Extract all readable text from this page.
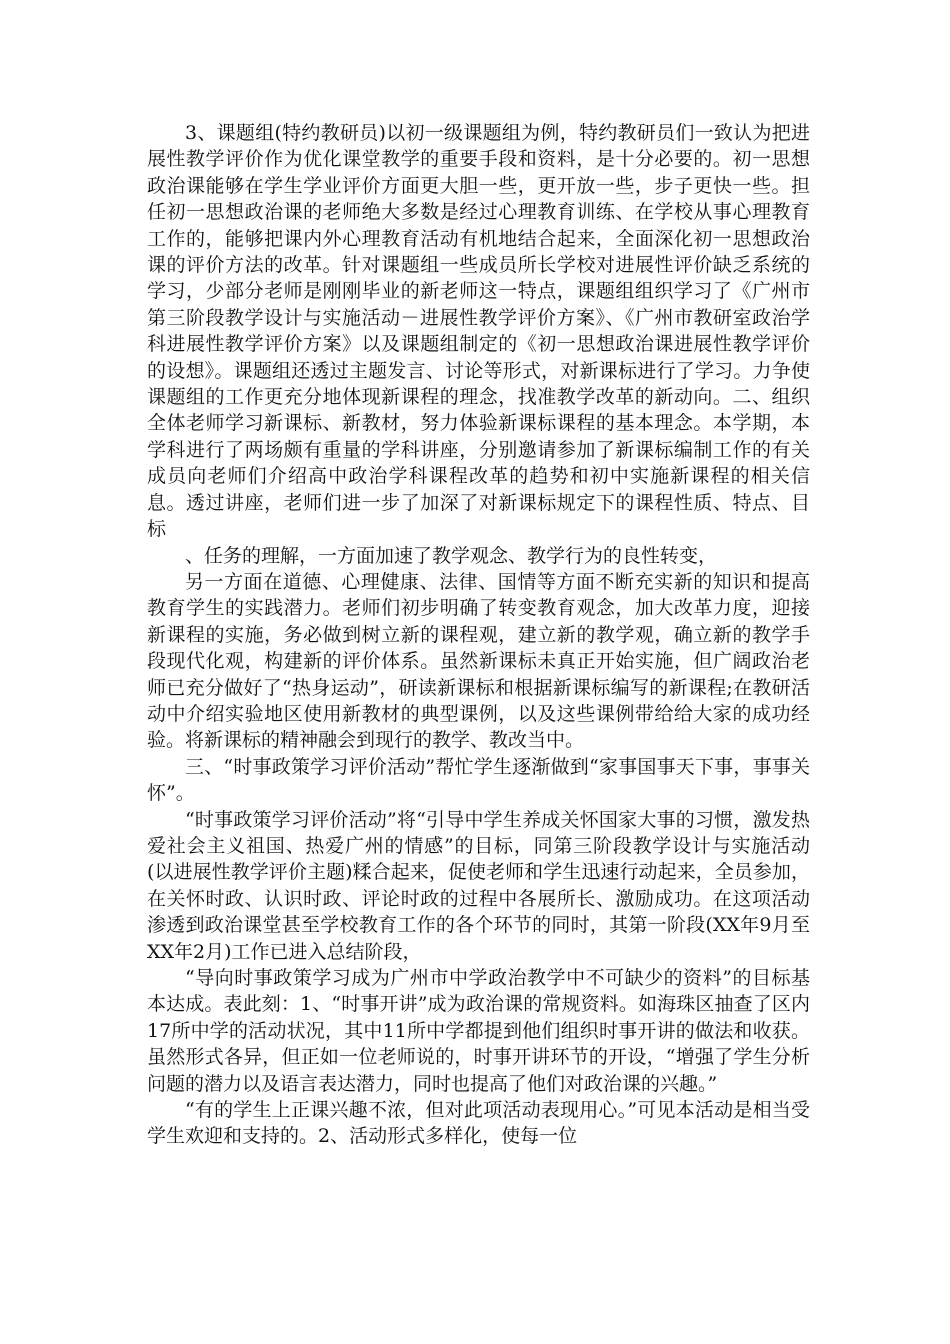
3、课题组(特约教研员)以初一级课题组为例，特约教研员们一致认为把进展性教学评价作为优化课堂教学的重要手段和资料，是十分必要的。初一思想政治课能够在学生学业评价方面更大胆一些，更开放一些，步子更快一些。担任初一思想政治课的老师绝大多数是经过心理教育训练、在学校从事心理教育工作的，能够把课内外心理教育活动有机地结合起来，全面深化初一思想政治课的评价方法的改革。针对课题组一些成员所长学校对进展性评价缺乏系统的学习，少部分老师是刚刚毕业的新老师这一特点，课题组组织学习了《广州市第三阶段教学设计与实施活动－进展性教学评价方案》、《广州市教研室政治学科进展性教学评价方案》以及课题组制定的《初一思想政治课进展性教学评价的设想》。课题组还透过主题发言、讨论等形式，对新课标进行了学习。力争使课题组的工作更充分地体现新课程的理念，找准教学改革的新动向。二、组织全体老师学习新课标、新教材，努力体验新课标课程的基本理念。本学期，本学科进行了两场颇有重量的学科讲座，分别邀请参加了新课标编制工作的有关成员向老师们介绍高中政治学科课程改革的趋势和初中实施新课程的相关信息。透过讲座，老师们进一步了加深了对新课标规定下的课程性质、特点、目标

、任务的理解，一方面加速了教学观念、教学行为的良性转变，

另一方面在道德、心理健康、法律、国情等方面不断充实新的知识和提高教育学生的实践潜力。老师们初步明确了转变教育观念，加大改革力度，迎接新课程的实施，务必做到树立新的课程观，建立新的教学观，确立新的教学手段现代化观，构建新的评价体系。虽然新课标未真正开始实施，但广阔政治老师已充分做好了“热身运动”，研读新课标和根据新课标编写的新课程;在教研活动中介绍实验地区使用新教材的典型课例，以及这些课例带给给大家的成功经验。将新课标的精神融会到现行的教学、教改当中。

三、“时事政策学习评价活动”帮忙学生逐渐做到“家事国事天下事，事事关怀”。

“时事政策学习评价活动”将“引导中学生养成关怀国家大事的习惯，激发热爱社会主义祖国、热爱广州的情感”的目标，同第三阶段教学设计与实施活动(以进展性教学评价主题)糅合起来，促使老师和学生迅速行动起来，全员参加，在关怀时政、认识时政、评论时政的过程中各展所长、激励成功。在这项活动渗透到政治课堂甚至学校教育工作的各个环节的同时，其第一阶段(XX年9月至XX年2月)工作已进入总结阶段，

“导向时事政策学习成为广州市中学政治教学中不可缺少的资料”的目标基本达成。表此刻：1、“时事开讲”成为政治课的常规资料。如海珠区抽查了区内17所中学的活动状况，其中11所中学都提到他们组织时事开讲的做法和收获。虽然形式各异，但正如一位老师说的，时事开讲环节的开设，“增强了学生分析问题的潜力以及语言表达潜力，同时也提高了他们对政治课的兴趣。”

“有的学生上正课兴趣不浓，但对此项活动表现用心。”可见本活动是相当受学生欢迎和支持的。2、活动形式多样化，使每一位
